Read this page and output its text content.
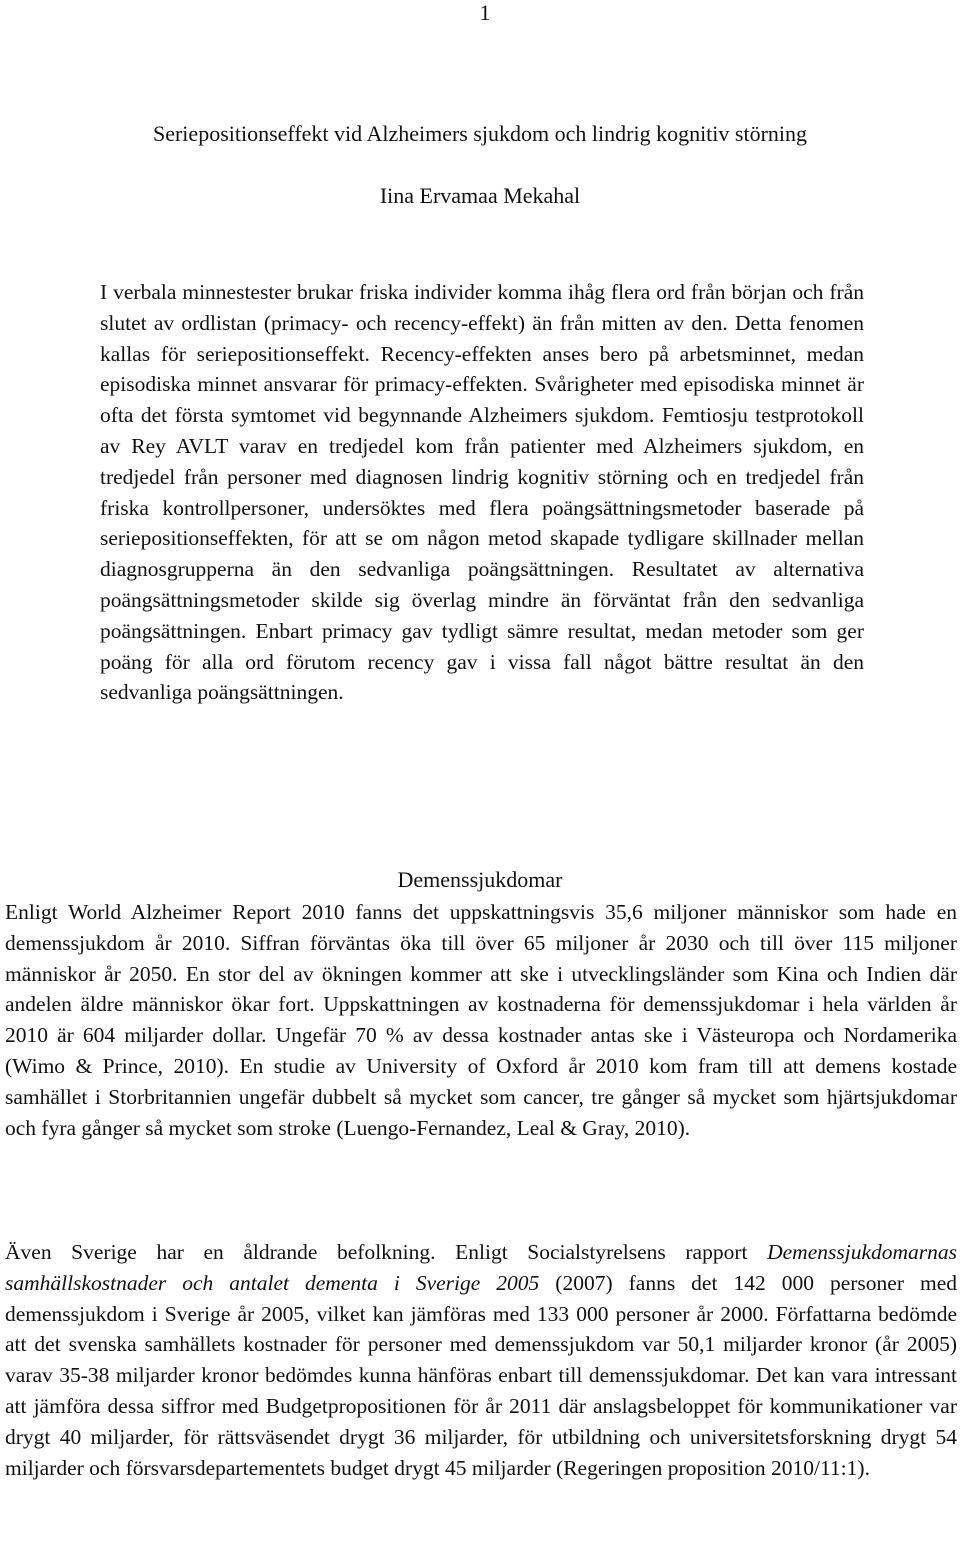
1
Seriepositionseffekt vid Alzheimers sjukdom och lindrig kognitiv störning
Iina Ervamaa Mekahal

I verbala minnestester brukar friska individer komma ihåg flera ord från början och från slutet av ordlistan (primacy- och recency-effekt) än från mitten av den. Detta fenomen kallas för seriepositionseffekt. Recency-effekten anses bero på arbetsminnet, medan episodiska minnet ansvarar för primacy-effekten. Svårigheter med episodiska minnet är ofta det första symtomet vid begynnande Alzheimers sjukdom. Femtiosju testprotokoll av Rey AVLT varav en tredjedel kom från patienter med Alzheimers sjukdom, en tredjedel från personer med diagnosen lindrig kognitiv störning och en tredjedel från friska kontrollpersoner, undersöktes med flera poängsättningsmetoder baserade på seriepositionseffekten, för att se om någon metod skapade tydligare skillnader mellan diagnosgrupperna än den sedvanliga poängsättningen. Resultatet av alternativa poängsättningsmetoder skilde sig överlag mindre än förväntat från den sedvanliga poängsättningen. Enbart primacy gav tydligt sämre resultat, medan metoder som ger poäng för alla ord förutom recency gav i vissa fall något bättre resultat än den sedvanliga poängsättningen.

Demenssjukdomar

Enligt World Alzheimer Report 2010 fanns det uppskattningsvis 35,6 miljoner människor som hade en demenssjukdom år 2010. Siffran förväntas öka till över 65 miljoner år 2030 och till över 115 miljoner människor år 2050. En stor del av ökningen kommer att ske i utvecklingsländer som Kina och Indien där andelen äldre människor ökar fort. Uppskattningen av kostnaderna för demenssjukdomar i hela världen år 2010 är 604 miljarder dollar. Ungefär 70 % av dessa kostnader antas ske i Västeuropa och Nordamerika (Wimo & Prince, 2010). En studie av University of Oxford år 2010 kom fram till att demens kostade samhället i Storbritannien ungefär dubbelt så mycket som cancer, tre gånger så mycket som hjärtsjukdomar och fyra gånger så mycket som stroke (Luengo-Fernandez, Leal & Gray, 2010).

Även Sverige har en åldrande befolkning. Enligt Socialstyrelsens rapport Demenssjukdomarnas samhällskostnader och antalet dementa i Sverige 2005 (2007) fanns det 142 000 personer med demenssjukdom i Sverige år 2005, vilket kan jämföras med 133 000 personer år 2000. Författarna bedömde att det svenska samhällets kostnader för personer med demenssjukdom var 50,1 miljarder kronor (år 2005) varav 35-38 miljarder kronor bedömdes kunna hänföras enbart till demenssjukdomar. Det kan vara intressant att jämföra dessa siffror med Budgetpropositionen för år 2011 där anslagsbeloppet för kommunikationer var drygt 40 miljarder, för rättsväsendet drygt 36 miljarder, för utbildning och universitetsforskning drygt 54 miljarder och försvarsdepartementets budget drygt 45 miljarder (Regeringen proposition 2010/11:1).
